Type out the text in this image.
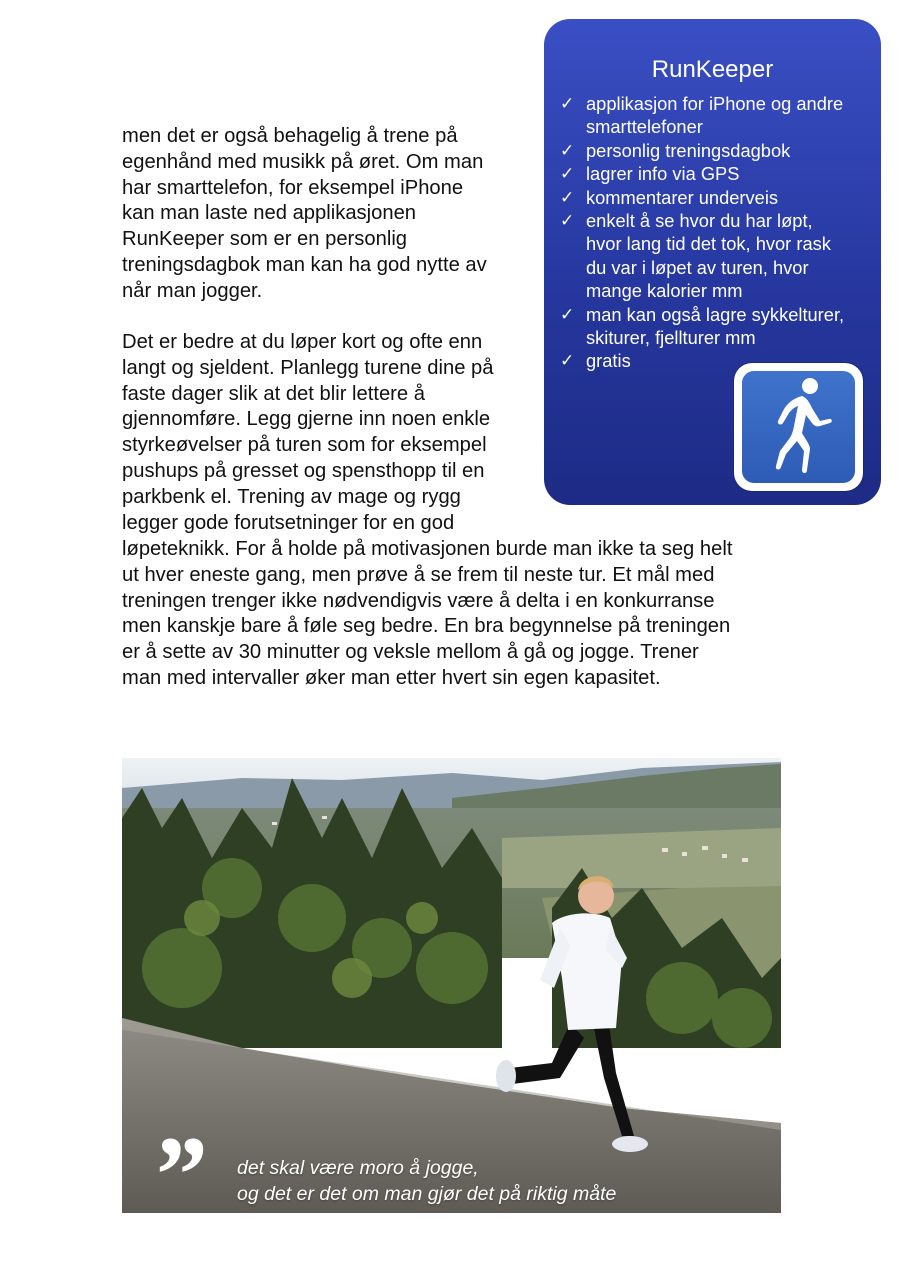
RunKeeper
✓ applikasjon for iPhone og andre
smarttelefoner
✓ personlig treningsdagbok
✓ lagrer info via GPS
✓ kommentarer underveis
✓ enkelt å se hvor du har løpt,
hvor lang tid det tok, hvor rask
du var i løpet av turen, hvor
mange kalorier mm
✓ man kan også lagre sykkelturer,
skiturer, fjellturer mm
✓ gratis

men det er også behagelig å trene på
egenhånd med musikk på øret. Om man
har smarttelefon, for eksempel iPhone
kan man laste ned applikasjonen
RunKeeper som er en personlig
treningsdagbok man kan ha god nytte av
når man jogger.

Det er bedre at du løper kort og ofte enn
langt og sjeldent. Planlegg turene dine på
faste dager slik at det blir lettere å
gjennomføre. Legg gjerne inn noen enkle
styrkeøvelser på turen som for eksempel
pushups på gresset og spensthopp til en
parkbenk el. Trening av mage og rygg
legger gode forutsetninger for en god

løpeteknikk. For å holde på motivasjonen burde man ikke ta seg helt
ut hver eneste gang, men prøve å se frem til neste tur. Et mål med
treningen trenger ikke nødvendigvis være å delta i en konkurranse
men kanskje bare å føle seg bedre. En bra begynnelse på treningen
er å sette av 30 minutter og veksle mellom å gå og jogge. Trener
man med intervaller øker man etter hvert sin egen kapasitet.

” det skal være moro å jogge,
og det er det om man gjør det på riktig måte
